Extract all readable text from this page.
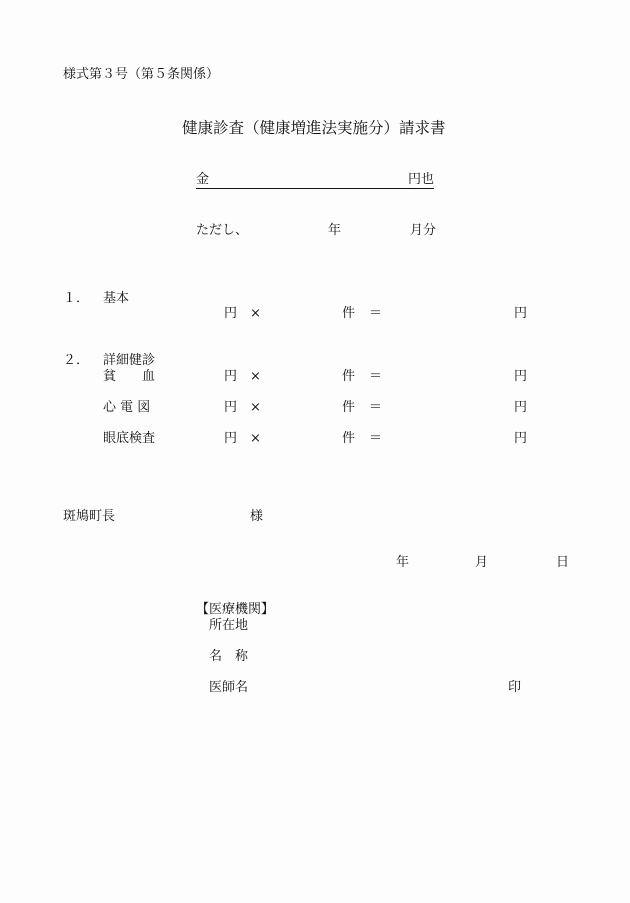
様式第３号（第５条関係）
健康診査（健康増進法実施分）請求書
金	円也
ただし、	年	月分
１． 基本
円 ×	件 ＝	円
２． 詳細健診
貧　　血	円 ×	件 ＝	円
心 電 図	円 ×	件 ＝	円
眼底検査	円 ×	件 ＝	円
斑鳩町長	様
年	月	日
【医療機関】
所在地
名　称
医師名	印
